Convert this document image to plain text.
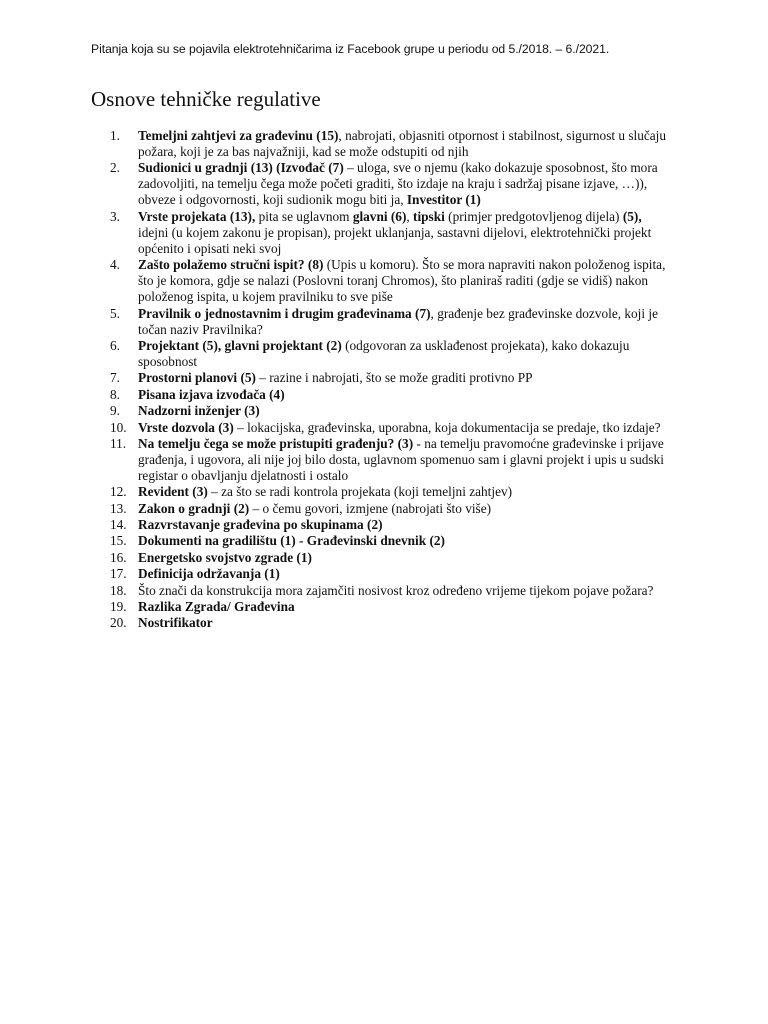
Pitanja koja su se pojavila elektrotehničarima iz Facebook grupe u periodu od 5./2018. – 6./2021.
Osnove tehničke regulative
1.	Temeljni zahtjevi za građevinu (15), nabrojati, objasniti otpornost i stabilnost, sigurnost u slučaju požara, koji je za bas najvažniji, kad se može odstupiti od njih
2.	Sudionici u gradnji (13) (Izvođač (7) – uloga, sve o njemu (kako dokazuje sposobnost, što mora zadovoljiti, na temelju čega može početi graditi, što izdaje na kraju i sadržaj pisane izjave, …)), obveze i odgovornosti, koji sudionik mogu biti ja, Investitor (1)
3.	Vrste projekata (13), pita se uglavnom glavni (6), tipski (primjer predgotovljenog dijela) (5), idejni (u kojem zakonu je propisan), projekt uklanjanja, sastavni dijelovi, elektrotehnički projekt općenito i opisati neki svoj
4.	Zašto polažemo stručni ispit? (8) (Upis u komoru). Što se mora napraviti nakon položenog ispita, što je komora, gdje se nalazi (Poslovni toranj Chromos), što planiraš raditi (gdje se vidiš) nakon položenog ispita, u kojem pravilniku to sve piše
5.	Pravilnik o jednostavnim i drugim građevinama (7), građenje bez građevinske dozvole, koji je točan naziv Pravilnika?
6.	Projektant (5), glavni projektant (2) (odgovoran za usklađenost projekata), kako dokazuju sposobnost
7.	Prostorni planovi (5) – razine i nabrojati, što se može graditi protivno PP
8.	Pisana izjava izvođača (4)
9.	Nadzorni inženjer (3)
10. Vrste dozvola (3) – lokacijska, građevinska, uporabna, koja dokumentacija se predaje, tko izdaje?
11. Na temelju čega se može pristupiti građenju? (3) - na temelju pravomoćne građevinske i prijave građenja, i ugovora, ali nije joj bilo dosta, uglavnom spomenuo sam i glavni projekt i upis u sudski registar o obavljanju djelatnosti i ostalo
12. Revident (3) – za što se radi kontrola projekata (koji temeljni zahtjev)
13. Zakon o gradnji (2) – o čemu govori, izmjene (nabrojati što više)
14. Razvrstavanje građevina po skupinama (2)
15. Dokumenti na gradilištu (1) - Građevinski dnevnik (2)
16. Energetsko svojstvo zgrade (1)
17. Definicija održavanja (1)
18. Što znači da konstrukcija mora zajamčiti nosivost kroz određeno vrijeme tijekom pojave požara?
19. Razlika Zgrada/ Građevina
20. Nostrifikator
